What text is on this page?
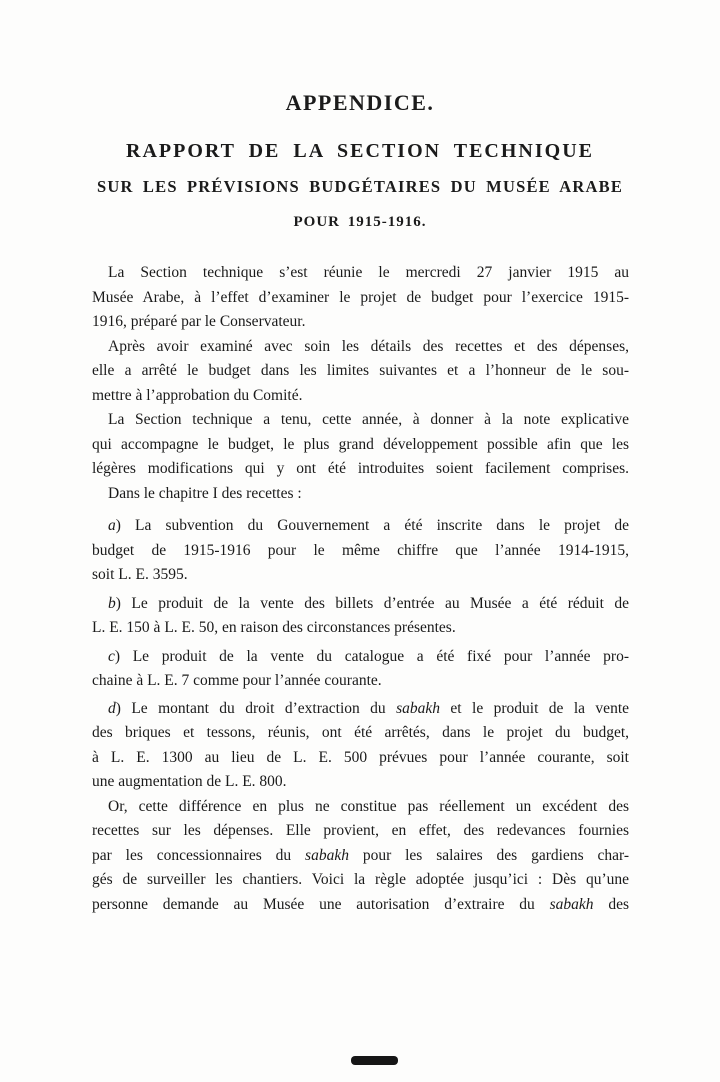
APPENDICE.
RAPPORT DE LA SECTION TECHNIQUE
SUR LES PRÉVISIONS BUDGÉTAIRES DU MUSÉE ARABE
POUR 1915-1916.
La Section technique s’est réunie le mercredi 27 janvier 1915 au
Musée Arabe, à l’effet d’examiner le projet de budget pour l’exercice 1915-
1916, préparé par le Conservateur.
Après avoir examiné avec soin les détails des recettes et des dépenses,
elle a arrêté le budget dans les limites suivantes et a l’honneur de le sou-
mettre à l’approbation du Comité.
La Section technique a tenu, cette année, à donner à la note explicative
qui accompagne le budget, le plus grand développement possible afin que les
légères modifications qui y ont été introduites soient facilement comprises.
Dans le chapitre I des recettes :
a) La subvention du Gouvernement a été inscrite dans le projet de
budget de 1915-1916 pour le même chiffre que l’année 1914-1915,
soit L. E. 3595.
b) Le produit de la vente des billets d’entrée au Musée a été réduit de
L. E. 150 à L. E. 50, en raison des circonstances présentes.
c) Le produit de la vente du catalogue a été fixé pour l’année pro-
chaine à L. E. 7 comme pour l’année courante.
d) Le montant du droit d’extraction du sabakh et le produit de la vente
des briques et tessons, réunis, ont été arrêtés, dans le projet du budget,
à L. E. 1300 au lieu de L. E. 500 prévues pour l’année courante, soit
une augmentation de L. E. 800.
Or, cette différence en plus ne constitue pas réellement un excédent des
recettes sur les dépenses. Elle provient, en effet, des redevances fournies
par les concessionnaires du sabakh pour les salaires des gardiens char-
gés de surveiller les chantiers. Voici la règle adoptée jusqu’ici : Dès qu’une
personne demande au Musée une autorisation d’extraire du sabakh des
